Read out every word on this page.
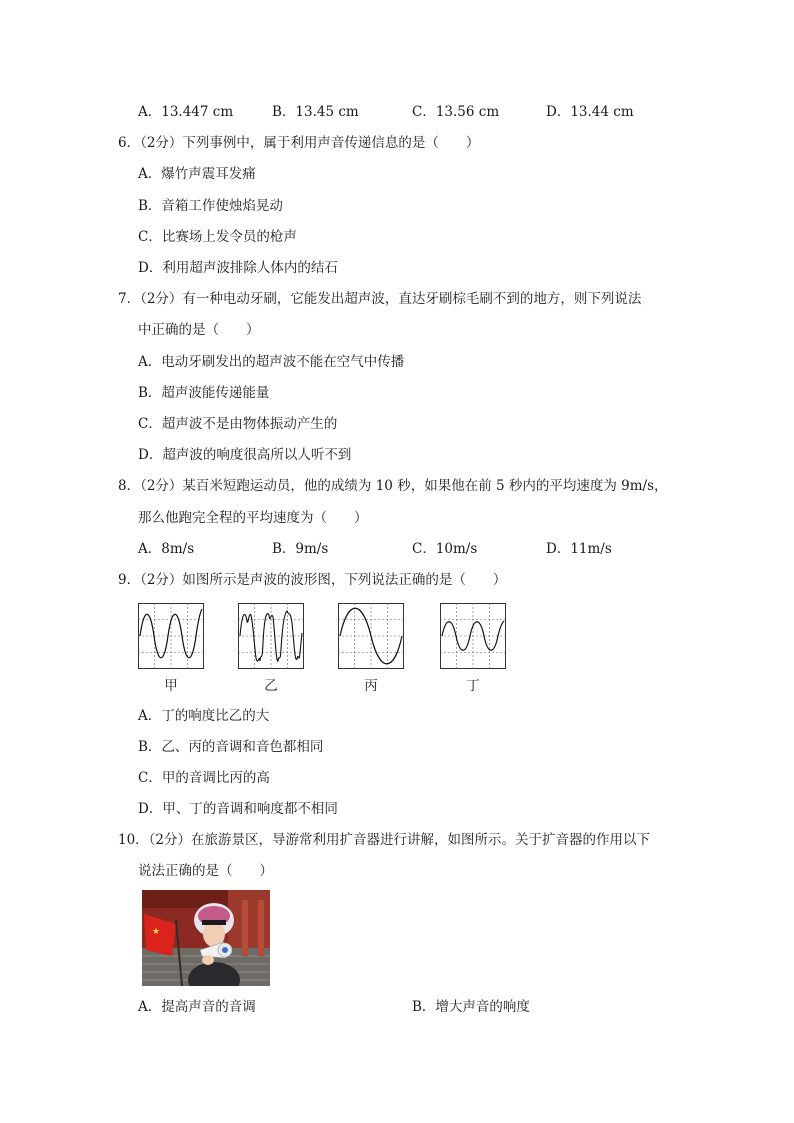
A．13.447 cm	B．13.45 cm	C．13.56 cm	D．13.44 cm
6．（2分）下列事例中，属于利用声音传递信息的是（　　）
A．爆竹声震耳发痛
B．音箱工作使烛焰晃动
C．比赛场上发令员的枪声
D．利用超声波排除人体内的结石
7．（2分）有一种电动牙刷，它能发出超声波，直达牙刷棕毛刷不到的地方，则下列说法
中正确的是（　　）
A．电动牙刷发出的超声波不能在空气中传播
B．超声波能传递能量
C．超声波不是由物体振动产生的
D．超声波的响度很高所以人听不到
8．（2分）某百米短跑运动员，他的成绩为 10 秒，如果他在前 5 秒内的平均速度为 9m/s，
那么他跑完全程的平均速度为（　　）
A．8m/s	B．9m/s	C．10m/s	D．11m/s
9．（2分）如图所示是声波的波形图，下列说法正确的是（　　）
甲	乙	丙	丁
A．丁的响度比乙的大
B．乙、丙的音调和音色都相同
C．甲的音调比丙的高
D．甲、丁的音调和响度都不相同
10．（2分）在旅游景区，导游常利用扩音器进行讲解，如图所示。关于扩音器的作用以下
说法正确的是（　　）
★
A．提高声音的音调	B．增大声音的响度
